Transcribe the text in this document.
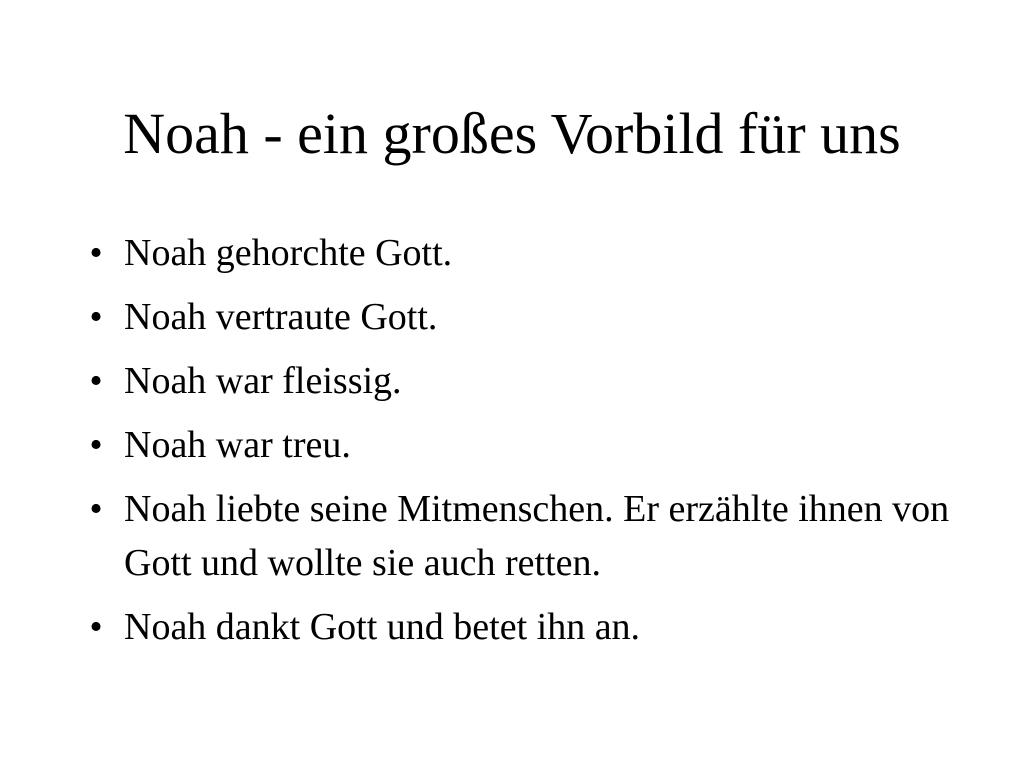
Noah - ein großes Vorbild für uns
• Noah gehorchte Gott.
• Noah vertraute Gott.
• Noah war fleissig.
• Noah war treu.
• Noah liebte seine Mitmenschen. Er erzählte ihnen von Gott und wollte sie auch retten.
• Noah dankt Gott und betet ihn an.
